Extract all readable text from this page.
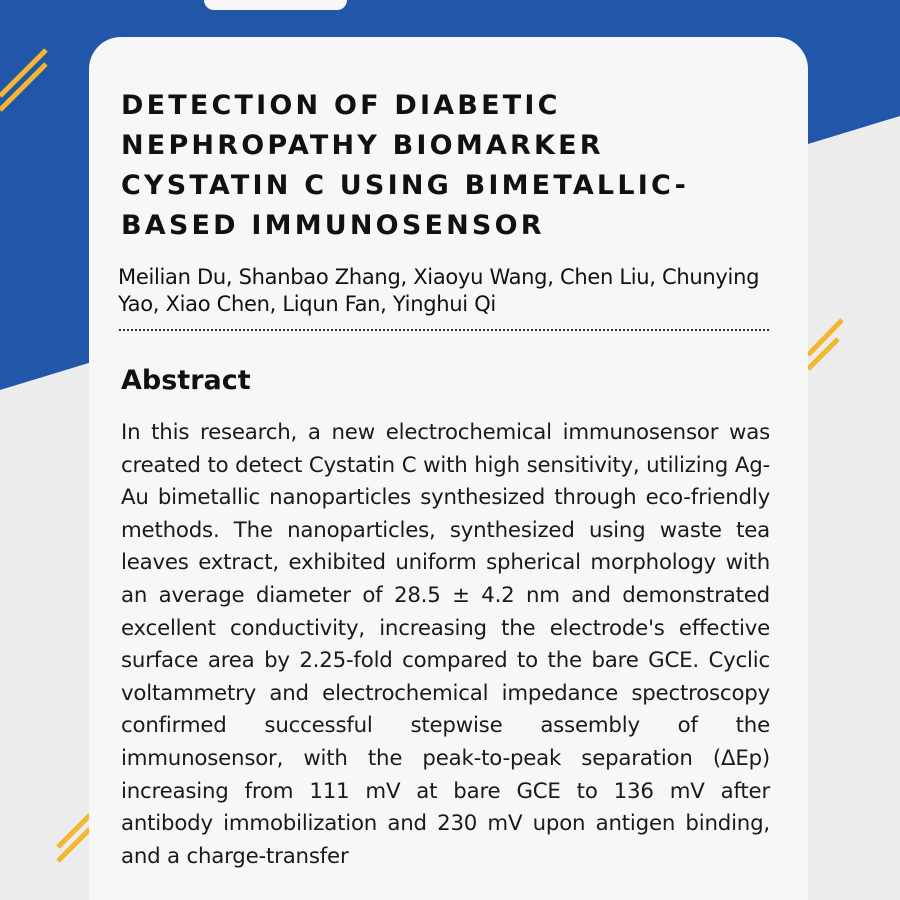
DETECTION OF DIABETIC NEPHROPATHY BIOMARKER CYSTATIN C USING BIMETALLIC-BASED IMMUNOSENSOR

Meilian Du, Shanbao Zhang, Xiaoyu Wang, Chen Liu, Chunying Yao, Xiao Chen, Liqun Fan, Yinghui Qi

Abstract

In this research, a new electrochemical immunosensor was created to detect Cystatin C with high sensitivity, utilizing Ag-Au bimetallic nanoparticles synthesized through eco-friendly methods. The nanoparticles, synthesized using waste tea leaves extract, exhibited uniform spherical morphology with an average diameter of 28.5 ± 4.2 nm and demonstrated excellent conductivity, increasing the electrode's effective surface area by 2.25-fold compared to the bare GCE. Cyclic voltammetry and electrochemical impedance spectroscopy confirmed successful stepwise assembly of the immunosensor, with the peak-to-peak separation (ΔEp) increasing from 111 mV at bare GCE to 136 mV after antibody immobilization and 230 mV upon antigen binding, and a charge-transfer
